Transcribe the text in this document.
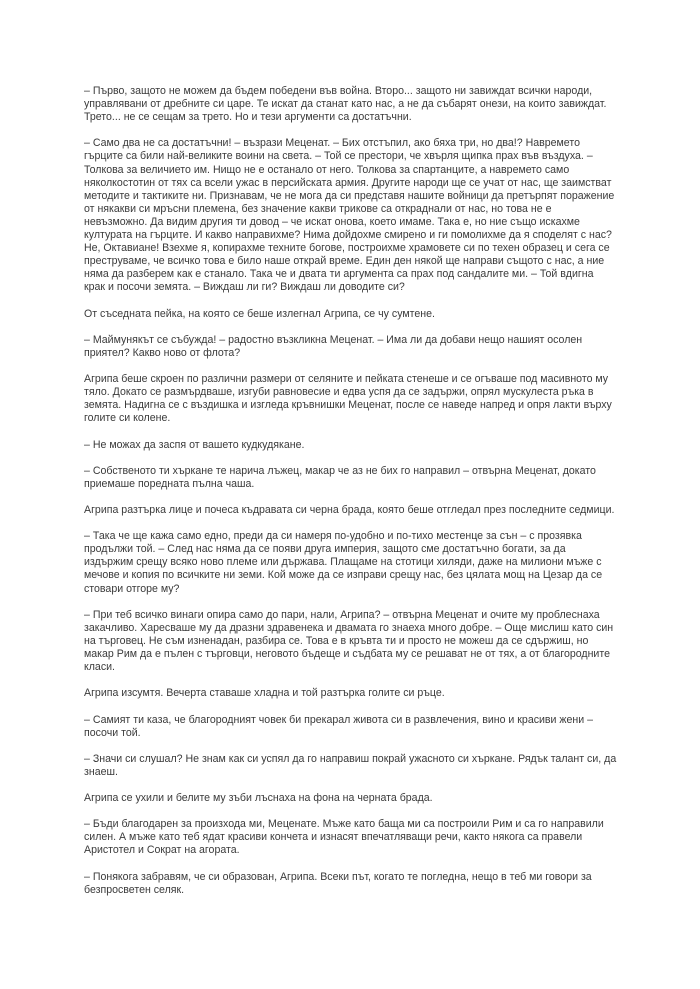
– Първо, защото не можем да бъдем победени във война. Второ... защото ни завиждат всички народи,
управлявани от дребните си царе. Те искат да станат като нас, а не да събарят онези, на които завиждат.
Трето... не се сещам за трето. Но и тези аргументи са достатъчни.

– Само два не са достатъчни! – възрази Меценат. – Бих отстъпил, ако бяха три, но два!? Навремето
гърците са били най-великите воини на света. – Той се престори, че хвърля щипка прах във въздуха. –
Толкова за величието им. Нищо не е останало от него. Толкова за спартанците, а навремето само
няколкостотин от тях са всели ужас в персийската армия. Другите народи ще се учат от нас, ще заимстват
методите и тактиките ни. Признавам, че не мога да си представя нашите войници да претърпят поражение
от някакви си мръсни племена, без значение какви трикове са откраднали от нас, но това не е
невъзможно. Да видим другия ти довод – че искат онова, което имаме. Така е, но ние също искахме
културата на гърците. И какво направихме? Нима дойдохме смирено и ги помолихме да я споделят с нас?
Не, Октавиане! Взехме я, копирахме техните богове, построихме храмовете си по техен образец и сега се
преструваме, че всичко това е било наше открай време. Един ден някой ще направи същото с нас, а ние
няма да разберем как е станало. Така че и двата ти аргумента са прах под сандалите ми. – Той вдигна
крак и посочи земята. – Виждаш ли ги? Виждаш ли доводите си?

От съседната пейка, на която се беше излегнал Агрипа, се чу сумтене.

– Маймунякът се събужда! – радостно възкликна Меценат. – Има ли да добави нещо нашият осолен
приятел? Какво ново от флота?

Агрипа беше скроен по различни размери от селяните и пейката стенеше и се огъваше под масивното му
тяло. Докато се размърдваше, изгуби равновесие и едва успя да се задържи, опрял мускулеста ръка в
земята. Надигна се с въздишка и изгледа кръвнишки Меценат, после се наведе напред и опря лакти върху
голите си колене.

– Не можах да заспя от вашето кудкудякане.

– Собственото ти хъркане те нарича лъжец, макар че аз не бих го направил – отвърна Меценат, докато
приемаше поредната пълна чаша.

Агрипа разтърка лице и почеса къдравата си черна брада, която беше отгледал през последните седмици.

– Така че ще кажа само едно, преди да си намеря по-удобно и по-тихо местенце за сън – с прозявка
продължи той. – След нас няма да се появи друга империя, защото сме достатъчно богати, за да
издържим срещу всяко ново племе или държава. Плащаме на стотици хиляди, даже на милиони мъже с
мечове и копия по всичките ни земи. Кой може да се изправи срещу нас, без цялата мощ на Цезар да се
стовари отгоре му?

– При теб всичко винаги опира само до пари, нали, Агрипа? – отвърна Меценат и очите му проблеснаха
закачливо. Харесваше му да дразни здравенека и двамата го знаеха много добре. – Още мислиш като син
на търговец. Не съм изненадан, разбира се. Това е в кръвта ти и просто не можеш да се сдържиш, но
макар Рим да е пълен с търговци, неговото бъдеще и съдбата му се решават не от тях, а от благородните
класи.

Агрипа изсумтя. Вечерта ставаше хладна и той разтърка голите си ръце.

– Самият ти каза, че благородният човек би прекарал живота си в развлечения, вино и красиви жени –
посочи той.

– Значи си слушал? Не знам как си успял да го направиш покрай ужасното си хъркане. Рядък талант си, да
знаеш.

Агрипа се ухили и белите му зъби лъснаха на фона на черната брада.

– Бъди благодарен за произхода ми, Меценате. Мъже като баща ми са построили Рим и са го направили
силен. А мъже като теб ядат красиви кончета и изнасят впечатляващи речи, както някога са правели
Аристотел и Сократ на агората.

– Понякога забравям, че си образован, Агрипа. Всеки път, когато те погледна, нещо в теб ми говори за
безпросветен селяк.
